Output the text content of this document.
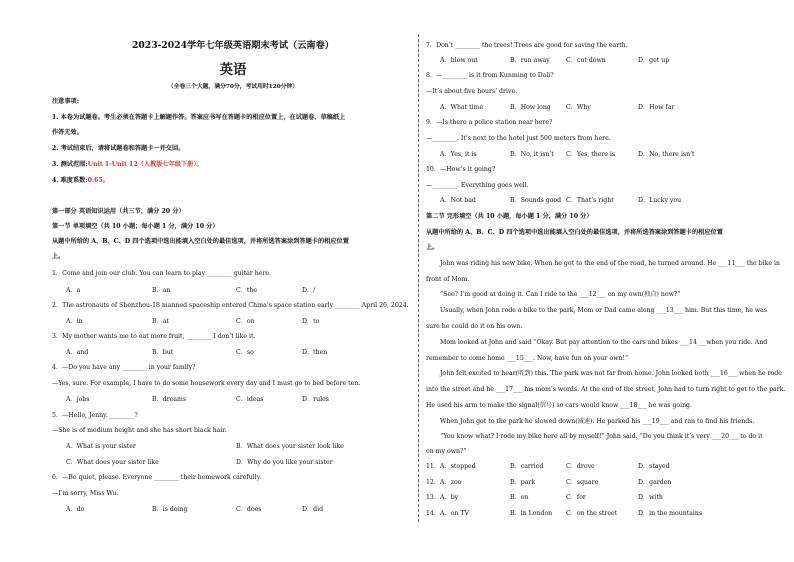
2023-2024学年七年级英语期末考试（云南卷）
英语
（全卷三个大题，满分70分，考试用时120分钟）
注意事项:
1. 本卷为试题卷。考生必须在答题卡上解题作答。答案应书写在答题卡的相应位置上，在试题卷、草稿纸上
作答无效。
2. 考试结束后，请将试题卷和答题卡一并交回。
3. 测试范围:Unit 1-Unit 12（人教版七年级下册）。
4. 难度系数:0.65。
第一部分 英语知识运用（共三节，满分 20 分）
第一节 单项填空（共 10 小题；每小题 1 分，满分 10 分）
从题中所给的 A、B、C、D 四个选项中选出能填入空白处的最佳选项，并将所选答案涂到答题卡的相应位置
上。
1．Come and join our club. You can learn to play ________ guitar here.
A．a	B．an	C．the	D．/
2．The astronauts of Shenzhou-18 manned spaceship entered China’s space station early ________ April 26, 2024.
A．in	B．at	C．on	D．to
3．My mother wants me to eat more fruit, ________ I don’t like it.
A．and	B．but	C．so	D．then
4．—Do you have any ________ in your family?
—Yes, sure. For example, I have to do some housework every day and I must go to bed before ten.
A．jobs	B．dreams	C．ideas	D．rules
5．—Hello, Jenny. ________?
—She is of medium height and she has short black hair.
A．What is your sister	B．What does your sister look like
C．What does your sister like	D．Why do you like your sister
6．—Be quiet, please. Everyone ________ their homework carefully.
—I’m sorry, Miss Wu.
A．do	B．is doing	C．does	D．did
7．Don’t ________ the trees! Trees are good for saving the earth.
A．blow out	B．run away	C．cut down	D．get up
8．—________ is it from Kunming to Dali?
—It’s about five hours’ drive.
A．What time	B．How long C．Why	D．How far
9．—Is there a police station near here?
—________. It’s next to the hotel just 500 meters from here.
A．Yes, it is	B．No, it isn’t C．Yes, there is	D．No, there isn’t
10．—How’s it going?
—________. Everything goes well.
A．Not bad	B．Sounds good C．That’s right	D．Lucky you
第二节 完形填空（共 10 小题，每小题 1 分，满分 10 分）
从题中所给的 A、B、C、D 四个选项中选出能填入空白处的最佳选项，并将所选答案涂到答题卡的相应位置
上。
John was riding his new bike. When he got to the end of the road, he turned around. He ___11___ the bike in
front of Mom.
“See? I’m good at doing it. Can I ride to the ___12___ on my own(独自) now?”
Usually, when John rode a bike to the park, Mom or Dad came along ___13___ him. But this time, he was
sure he could do it on his own.
Mom looked at John and said “Okay. But pay attention to the cars and bikes ___14___when you ride. And
remember to come home ___15___. Now, have fun on your own!”
John felt excited to hear(听到) this. The park was not far from home. John looked both ___16___ when he rode
into the street and he ___17___ his mom’s words. At the end of the street, John had to turn right to get to the park.
He used his arm to make the signal(信号) so cars would know ___18___ he was going.
When John got to the park he slowed down(减速). He parked his ___19___ and ran to find his friends.
“You know what? I rode my bike here all by myself!” John said. “Do you think it’s very ___20___ to do it
on my own?”
11．A．stopped	B．carried	C．drove	D．stayed
12．A．zoo	B．park	C．square	D．garden
13．A．by	B．on	C．for	D．with
14．A．on TV	B．in London C．on the street	D．in the mountains
